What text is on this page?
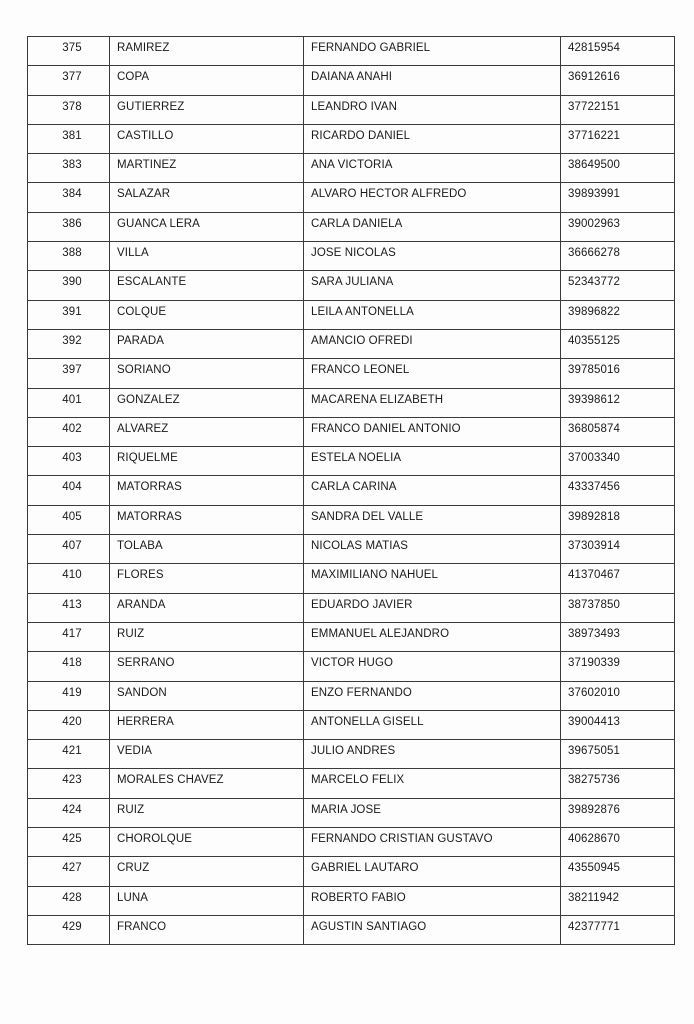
375	RAMIREZ	FERNANDO GABRIEL	42815954
377	COPA	DAIANA ANAHI	36912616
378	GUTIERREZ	LEANDRO IVAN	37722151
381	CASTILLO	RICARDO DANIEL	37716221
383	MARTINEZ	ANA VICTORIA	38649500
384	SALAZAR	ALVARO HECTOR ALFREDO	39893991
386	GUANCA LERA	CARLA DANIELA	39002963
388	VILLA	JOSE NICOLAS	36666278
390	ESCALANTE	SARA JULIANA	52343772
391	COLQUE	LEILA ANTONELLA	39896822
392	PARADA	AMANCIO OFREDI	40355125
397	SORIANO	FRANCO LEONEL	39785016
401	GONZALEZ	MACARENA ELIZABETH	39398612
402	ALVAREZ	FRANCO DANIEL ANTONIO	36805874
403	RIQUELME	ESTELA NOELIA	37003340
404	MATORRAS	CARLA CARINA	43337456
405	MATORRAS	SANDRA DEL VALLE	39892818
407	TOLABA	NICOLAS MATIAS	37303914
410	FLORES	MAXIMILIANO NAHUEL	41370467
413	ARANDA	EDUARDO JAVIER	38737850
417	RUIZ	EMMANUEL ALEJANDRO	38973493
418	SERRANO	VICTOR HUGO	37190339
419	SANDON	ENZO FERNANDO	37602010
420	HERRERA	ANTONELLA GISELL	39004413
421	VEDIA	JULIO ANDRES	39675051
423	MORALES CHAVEZ	MARCELO FELIX	38275736
424	RUIZ	MARIA JOSE	39892876
425	CHOROLQUE	FERNANDO CRISTIAN GUSTAVO	40628670
427	CRUZ	GABRIEL LAUTARO	43550945
428	LUNA	ROBERTO FABIO	38211942
429	FRANCO	AGUSTIN SANTIAGO	42377771
